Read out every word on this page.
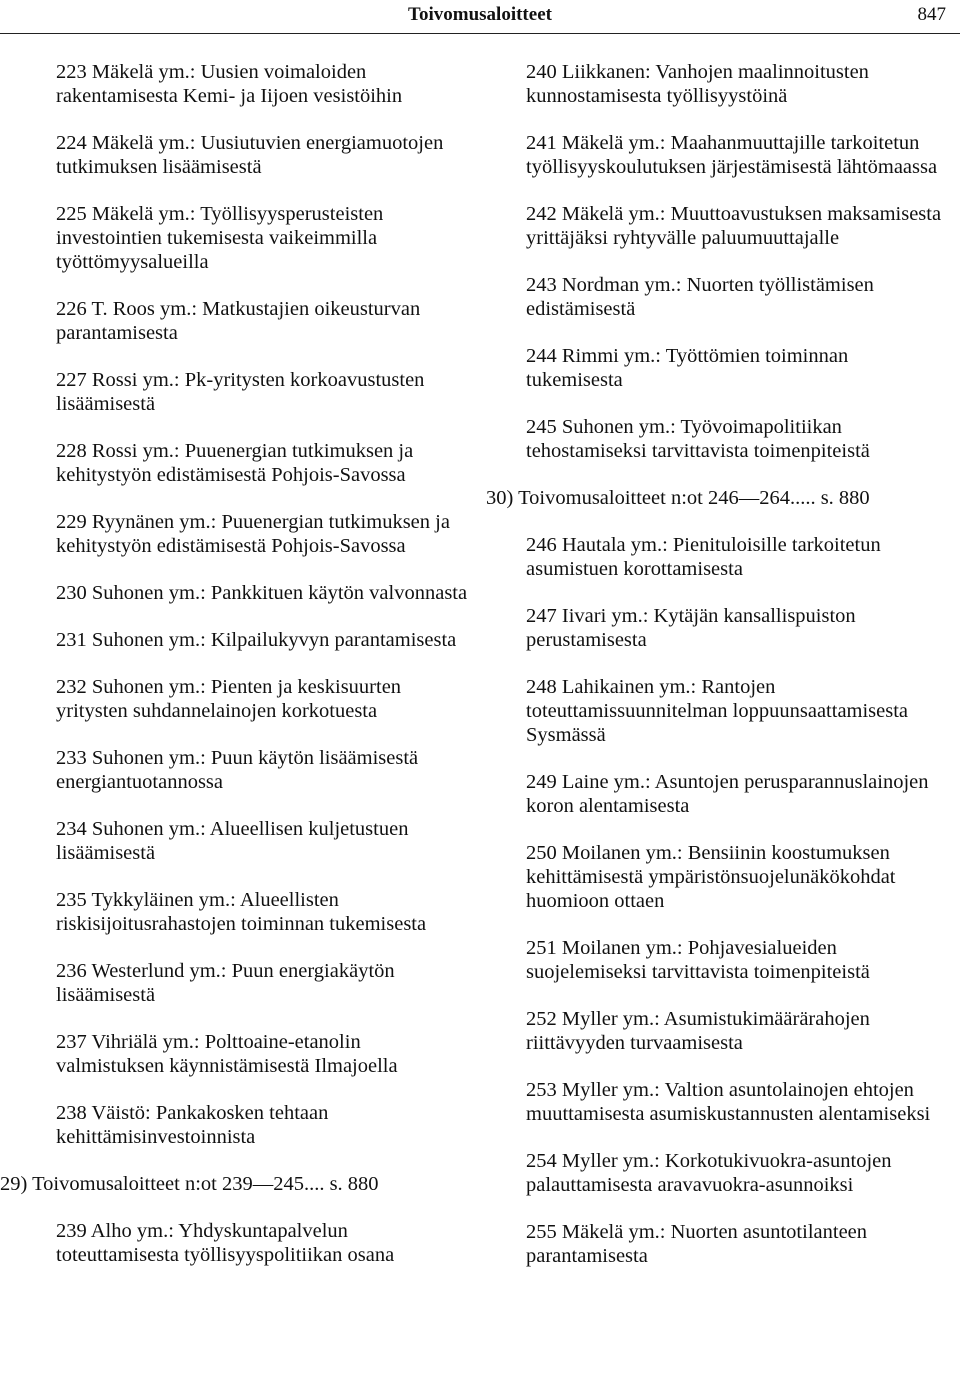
Toivomusaloitteet	847
223 Mäkelä ym.: Uusien voimaloiden rakentamisesta Kemi- ja Iijoen vesistöihin
224 Mäkelä ym.: Uusiutuvien energiamuotojen tutkimuksen lisäämisestä
225 Mäkelä ym.: Työllisyysperusteisten investointien tukemisesta vaikeimmilla työttömyysalueilla
226 T. Roos ym.: Matkustajien oikeusturvan parantamisesta
227 Rossi ym.: Pk-yritysten korkoavustusten lisäämisestä
228 Rossi ym.: Puuenergian tutkimuksen ja kehitystyön edistämisestä Pohjois-Savossa
229 Ryynänen ym.: Puuenergian tutkimuksen ja kehitystyön edistämisestä Pohjois-Savossa
230 Suhonen ym.: Pankkituen käytön valvonnasta
231 Suhonen ym.: Kilpailukyvyn parantamisesta
232 Suhonen ym.: Pienten ja keskisuurten yritysten suhdannelainojen korkotuesta
233 Suhonen ym.: Puun käytön lisäämisestä energiantuotannossa
234 Suhonen ym.: Alueellisen kuljetustuen lisäämisestä
235 Tykkyläinen ym.: Alueellisten riskisijoitusrahastojen toiminnan tukemisesta
236 Westerlund ym.: Puun energiakäytön lisäämisestä
237 Vihriälä ym.: Polttoaine-etanolin valmistuksen käynnistämisestä Ilmajoella
238 Väistö: Pankakosken tehtaan kehittämisinvestoinnista
29) Toivomusaloitteet n:ot 239—245.... s. 880
239 Alho ym.: Yhdyskuntapalvelun toteuttamisesta työllisyyspolitiikan osana
240 Liikkanen: Vanhojen maalinnoitusten kunnostamisesta työllisyystöinä
241 Mäkelä ym.: Maahanmuuttajille tarkoitetun työllisyyskoulutuksen järjestämisestä lähtömaassa
242 Mäkelä ym.: Muuttoavustuksen maksamisesta yrittäjäksi ryhtyvälle paluumuuttajalle
243 Nordman ym.: Nuorten työllistämisen edistämisestä
244 Rimmi ym.: Työttömien toiminnan tukemisesta
245 Suhonen ym.: Työvoimapolitiikan tehostamiseksi tarvittavista toimenpiteistä
30) Toivomusaloitteet n:ot 246—264..... s. 880
246 Hautala ym.: Pienituloisille tarkoitetun asumistuen korottamisesta
247 Iivari ym.: Kytäjän kansallispuiston perustamisesta
248 Lahikainen ym.: Rantojen toteuttamissuunnitelman loppuunsaattamisesta Sysmässä
249 Laine ym.: Asuntojen perusparannuslainojen koron alentamisesta
250 Moilanen ym.: Bensiinin koostumuksen kehittämisestä ympäristönsuojelunäkökohdat huomioon ottaen
251 Moilanen ym.: Pohjavesialueiden suojelemiseksi tarvittavista toimenpiteistä
252 Myller ym.: Asumistukimäärärahojen riittävyyden turvaamisesta
253 Myller ym.: Valtion asuntolainojen ehtojen muuttamisesta asumiskustannusten alentamiseksi
254 Myller ym.: Korkotukivuokra-asuntojen palauttamisesta aravavuokra-asunnoiksi
255 Mäkelä ym.: Nuorten asuntotilanteen parantamisesta
